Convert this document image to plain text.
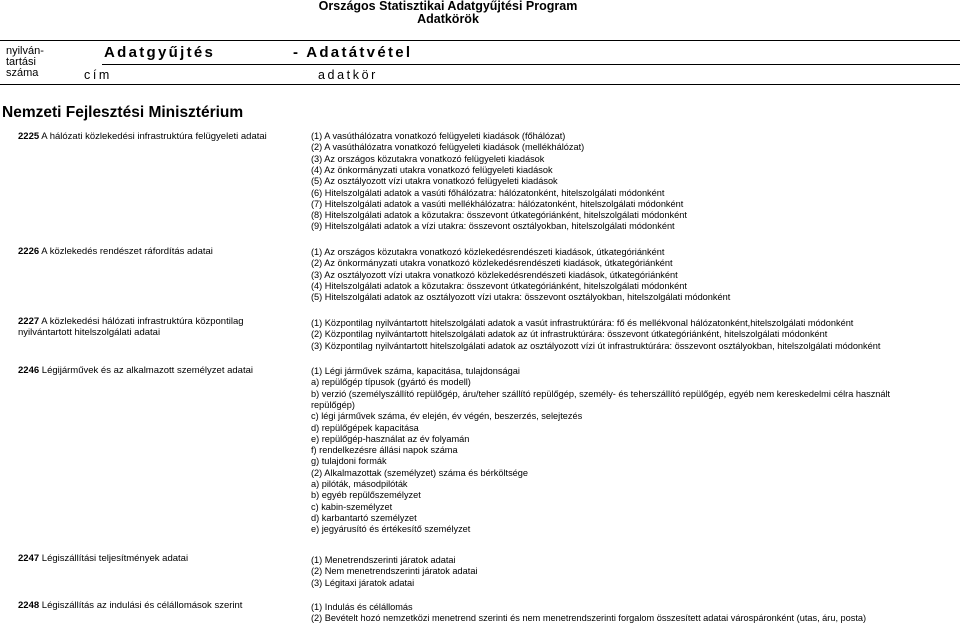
Országos Statisztikai Adatgyűjtési Program
Adatkörök
nyilván-
tartási
száma
Adatgyűjtés	- Adatátvétel
cím	adatkör
Nemzeti Fejlesztési Minisztérium
2225 A hálózati közlekedési infrastruktúra felügyeleti adatai	(1) A vasúthálózatra vonatkozó felügyeleti kiadások (főhálózat)
(2) A vasúthálózatra vonatkozó felügyeleti kiadások (mellékhálózat)
(3) Az országos közutakra vonatkozó felügyeleti kiadások
(4) Az önkormányzati utakra vonatkozó felügyeleti kiadások
(5) Az osztályozott vízi utakra vonatkozó felügyeleti kiadások
(6) Hitelszolgálati adatok a vasúti főhálózatra: hálózatonként, hitelszolgálati módonként
(7) Hitelszolgálati adatok a vasúti mellékhálózatra: hálózatonként, hitelszolgálati módonként
(8) Hitelszolgálati adatok a közutakra: összevont útkategóriánként, hitelszolgálati módonként
(9) Hitelszolgálati adatok a vízi utakra: összevont osztályokban, hitelszolgálati módonként
2226 A közlekedés rendészet ráfordítás adatai	(1) Az országos közutakra vonatkozó közlekedésrendészeti kiadások, útkategóriánként
(2) Az önkormányzati utakra vonatkozó közlekedésrendészeti kiadások, útkategóriánként
(3) Az osztályozott vízi utakra vonatkozó közlekedésrendészeti kiadások, útkategóriánként
(4) Hitelszolgálati adatok a közutakra: összevont útkategóriánként, hitelszolgálati módonként
(5) Hitelszolgálati adatok az osztályozott vízi utakra: összevont osztályokban, hitelszolgálati módonként
2227 A közlekedési hálózati infrastruktúra központilag nyilvántartott hitelszolgálati adatai
(1) Központilag nyilvántartott hitelszolgálati adatok a vasút infrastruktúrára: fő és mellékvonal hálózatonként,hitelszolgálati módonként
(2) Központilag nyilvántartott hitelszolgálati adatok az út infrastruktúrára: összevont útkategóriánként, hitelszolgálati módonként
(3) Központilag nyilvántartott hitelszolgálati adatok az osztályozott vízi út infrastruktúrára: összevont osztályokban, hitelszolgálati módonként
2246 Légijárművek és az alkalmazott személyzet adatai	(1) Légi járművek száma, kapacitása, tulajdonságai
a) repülőgép típusok (gyártó és modell)
b) verzió (személyszállító repülőgép, áru/teher szállító repülőgép, személy- és teherszállító repülőgép, egyéb nem kereskedelmi célra használt
repülőgép)
c) légi járművek száma, év elején, év végén, beszerzés, selejtezés
d) repülőgépek kapacitása
e) repülőgép-használat az év folyamán
f) rendelkezésre állási napok száma
g) tulajdoni formák
(2) Alkalmazottak (személyzet) száma és bérköltsége
a) pilóták, másodpilóták
b) egyéb repülőszemélyzet
c) kabin-személyzet
d) karbantartó személyzet
e) jegyárusító és értékesítő személyzet
2247 Légiszállítási teljesítmények adatai	(1) Menetrendszerinti járatok adatai
(2) Nem menetrendszerinti járatok adatai
(3) Légitaxi járatok adatai
2248 Légiszállítás az indulási és célállomások szerint	(1) Indulás és célállomás
(2) Bevételt hozó nemzetközi menetrend szerinti és nem menetrendszerinti forgalom összesített adatai várospáronként (utas, áru, posta)
